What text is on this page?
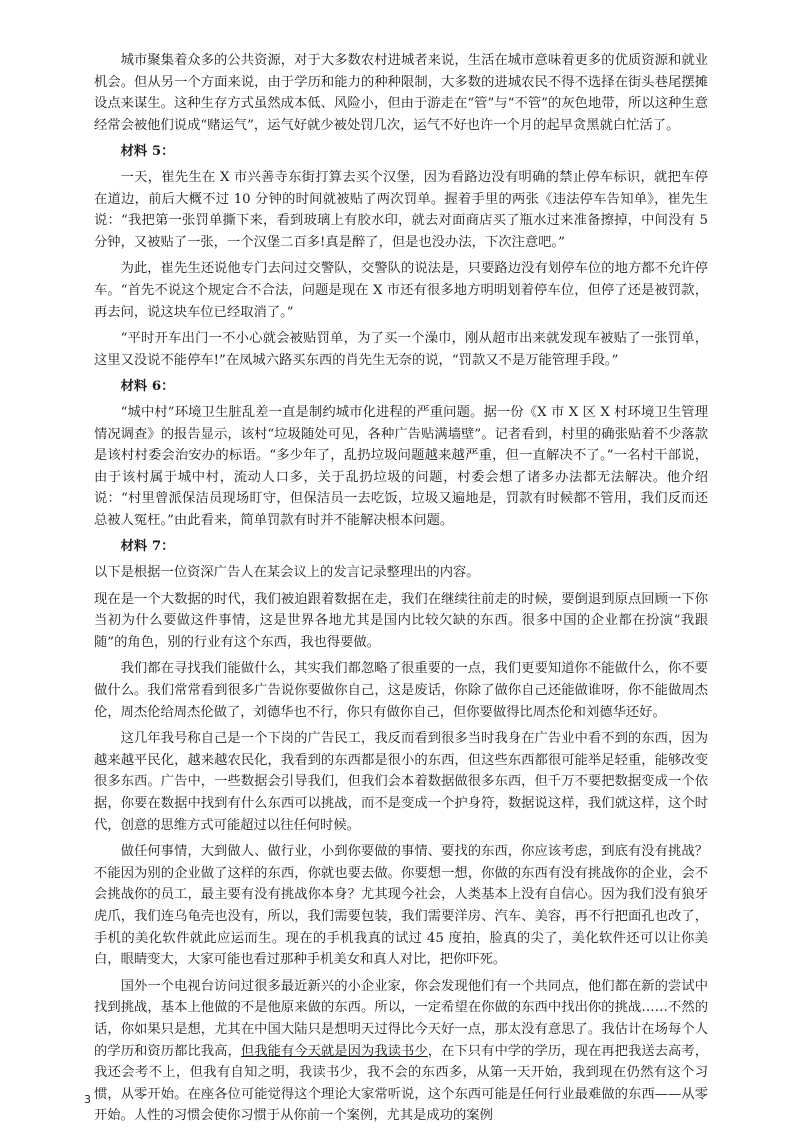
城市聚集着众多的公共资源，对于大多数农村进城者来说，生活在城市意味着更多的优质资源和就业机会。但从另一个方面来说，由于学历和能力的种种限制，大多数的进城农民不得不选择在街头巷尾摆摊设点来谋生。这种生存方式虽然成本低、风险小，但由于游走在“管”与“不管”的灰色地带，所以这种生意经常会被他们说成“赌运气”，运气好就少被处罚几次，运气不好也许一个月的起早贪黑就白忙活了。

材料 5：

一天，崔先生在 X 市兴善寺东街打算去买个汉堡，因为看路边没有明确的禁止停车标识，就把车停在道边，前后大概不过 10 分钟的时间就被贴了两次罚单。握着手里的两张《违法停车告知单》，崔先生说：“我把第一张罚单撕下来，看到玻璃上有胶水印，就去对面商店买了瓶水过来准备擦掉，中间没有 5 分钟，又被贴了一张，一个汉堡二百多!真是醉了，但是也没办法，下次注意吧。”

为此，崔先生还说他专门去问过交警队，交警队的说法是，只要路边没有划停车位的地方都不允许停车。“首先不说这个规定合不合法，问题是现在 X 市还有很多地方明明划着停车位，但停了还是被罚款，再去问，说这块车位已经取消了。”

“平时开车出门一不小心就会被贴罚单，为了买一个澡巾，刚从超市出来就发现车被贴了一张罚单，这里又没说不能停车!”在凤城六路买东西的肖先生无奈的说，“罚款又不是万能管理手段。”

材料 6：

“城中村”环境卫生脏乱差一直是制约城市化进程的严重问题。据一份《X 市 X 区 X 村环境卫生管理情况调查》的报告显示，该村“垃圾随处可见，各种广告贴满墙壁”。记者看到，村里的确张贴着不少落款是该村村委会治安办的标语。“多少年了，乱扔垃圾问题越来越严重，但一直解决不了。”一名村干部说，由于该村属于城中村，流动人口多，关于乱扔垃圾的问题，村委会想了诸多办法都无法解决。他介绍说：“村里曾派保洁员现场盯守，但保洁员一去吃饭，垃圾又遍地是，罚款有时候都不管用，我们反而还总被人冤枉。”由此看来，简单罚款有时并不能解决根本问题。

材料 7：

以下是根据一位资深广告人在某会议上的发言记录整理出的内容。

现在是一个大数据的时代，我们被迫跟着数据在走，我们在继续往前走的时候，要倒退到原点回顾一下你当初为什么要做这件事情，这是世界各地尤其是国内比较欠缺的东西。很多中国的企业都在扮演“我跟随”的角色，别的行业有这个东西，我也得要做。

我们都在寻找我们能做什么，其实我们都忽略了很重要的一点，我们更要知道你不能做什么，你不要做什么。我们常常看到很多广告说你要做你自己，这是废话，你除了做你自己还能做谁呀，你不能做周杰伦，周杰伦给周杰伦做了，刘德华也不行，你只有做你自己，但你要做得比周杰伦和刘德华还好。

这几年我号称自己是一个下岗的广告民工，我反而看到很多当时我身在广告业中看不到的东西，因为越来越平民化，越来越农民化，我看到的东西都是很小的东西，但这些东西都很可能举足轻重，能够改变很多东西。广告中，一些数据会引导我们，但我们会本着数据做很多东西，但千万不要把数据变成一个依据，你要在数据中找到有什么东西可以挑战，而不是变成一个护身符，数据说这样，我们就这样，这个时代，创意的思维方式可能超过以往任何时候。

做任何事情，大到做人、做行业，小到你要做的事情、要找的东西，你应该考虑，到底有没有挑战？不能因为别的企业做了这样的东西，你就也要去做。你要想一想，你做的东西有没有挑战你的企业，会不会挑战你的员工，最主要有没有挑战你本身？尤其现今社会，人类基本上没有自信心。因为我们没有狼牙虎爪，我们连乌龟壳也没有，所以，我们需要包装，我们需要洋房、汽车、美容，再不行把面孔也改了，手机的美化软件就此应运而生。现在的手机我真的试过 45 度拍，脸真的尖了，美化软件还可以让你美白，眼睛变大，大家可能也看过那种手机美女和真人对比，把你吓死。

国外一个电视台访问过很多最近新兴的小企业家，你会发现他们有一个共同点，他们都在新的尝试中找到挑战，基本上他做的不是他原来做的东西。所以，一定希望在你做的东西中找出你的挑战……不然的话，你如果只是想，尤其在中国大陆只是想明天过得比今天好一点，那太没有意思了。我估计在场每个人的学历和资历都比我高，但我能有今天就是因为我读书少，在下只有中学的学历，现在再把我送去高考，我还会考不上，但我有自知之明，我读书少，我不会的东西多，从第一天开始，我到现在仍然有这个习惯，从零开始。在座各位可能觉得这个理论大家常听说，这个东西可能是任何行业最难做的东西——从零开始。人性的习惯会使你习惯于从你前一个案例，尤其是成功的案例

3
